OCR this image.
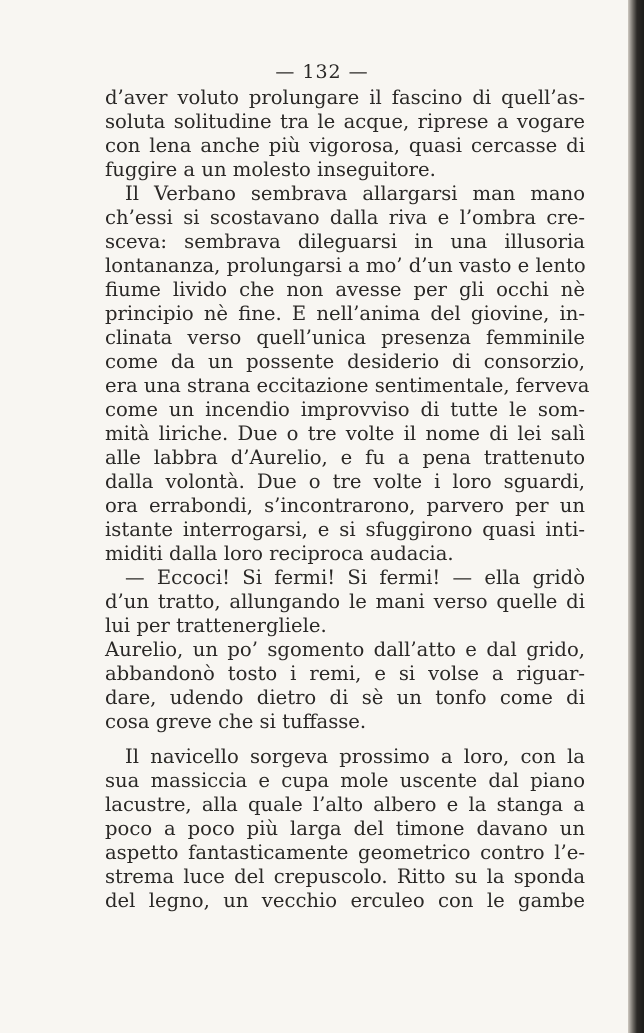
— 132 —

d’aver voluto prolungare il fascino di quell’as-
soluta solitudine tra le acque, riprese a vogare
con lena anche più vigorosa, quasi cercasse di
fuggire a un molesto inseguitore.
Il Verbano sembrava allargarsi man mano
ch’essi si scostavano dalla riva e l’ombra cre-
sceva: sembrava dileguarsi in una illusoria
lontananza, prolungarsi a mo’ d’un vasto e lento
fiume livido che non avesse per gli occhi nè
principio nè fine. E nell’anima del giovine, in-
clinata verso quell’unica presenza femminile
come da un possente desiderio di consorzio,
era una strana eccitazione sentimentale, ferveva
come un incendio improvviso di tutte le som-
mità liriche. Due o tre volte il nome di lei salì
alle labbra d’Aurelio, e fu a pena trattenuto
dalla volontà. Due o tre volte i loro sguardi,
ora errabondi, s’incontrarono, parvero per un
istante interrogarsi, e si sfuggirono quasi inti-
miditi dalla loro reciproca audacia.
— Eccoci! Si fermi! Si fermi! — ella gridò
d’un tratto, allungando le mani verso quelle di
lui per trattenergliele.
Aurelio, un po’ sgomento dall’atto e dal grido,
abbandonò tosto i remi, e si volse a riguar-
dare, udendo dietro di sè un tonfo come di
cosa greve che si tuffasse.
Il navicello sorgeva prossimo a loro, con la
sua massiccia e cupa mole uscente dal piano
lacustre, alla quale l’alto albero e la stanga a
poco a poco più larga del timone davano un
aspetto fantasticamente geometrico contro l’e-
strema luce del crepuscolo. Ritto su la sponda
del legno, un vecchio erculeo con le gambe
